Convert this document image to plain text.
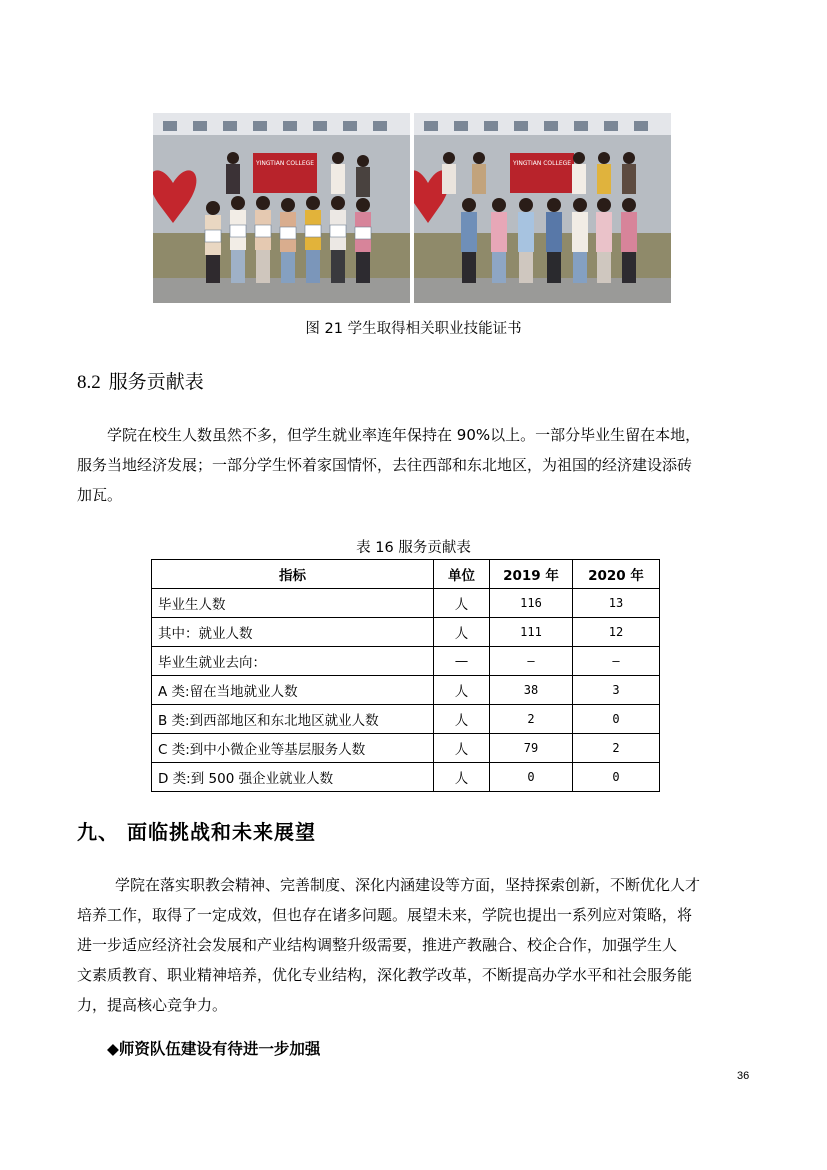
YINGTIAN COLLEGE	YINGTIAN COLLEGE
图 21 学生取得相关职业技能证书
8.2 服务贡献表
学院在校生人数虽然不多，但学生就业率连年保持在 90%以上。一部分毕业生留在本地，
服务当地经济发展；一部分学生怀着家国情怀，去往西部和东北地区，为祖国的经济建设添砖
加瓦。
表 16 服务贡献表
指标	单位	2019 年	2020 年
毕业生人数	人	116	13
其中：就业人数	人	111	12
毕业生就业去向：	—	—	—
A 类:留在当地就业人数	人	38	3
B 类:到西部地区和东北地区就业人数	人	2	0
C 类:到中小微企业等基层服务人数	人	79	2
D 类:到 500 强企业就业人数	人	0	0
九、 面临挑战和未来展望
学院在落实职教会精神、完善制度、深化内涵建设等方面，坚持探索创新，不断优化人才
培养工作，取得了一定成效，但也存在诸多问题。展望未来，学院也提出一系列应对策略，将
进一步适应经济社会发展和产业结构调整升级需要，推进产教融合、校企合作，加强学生人
文素质教育、职业精神培养，优化专业结构，深化教学改革，不断提高办学水平和社会服务能
力，提高核心竞争力。
◆师资队伍建设有待进一步加强
36
